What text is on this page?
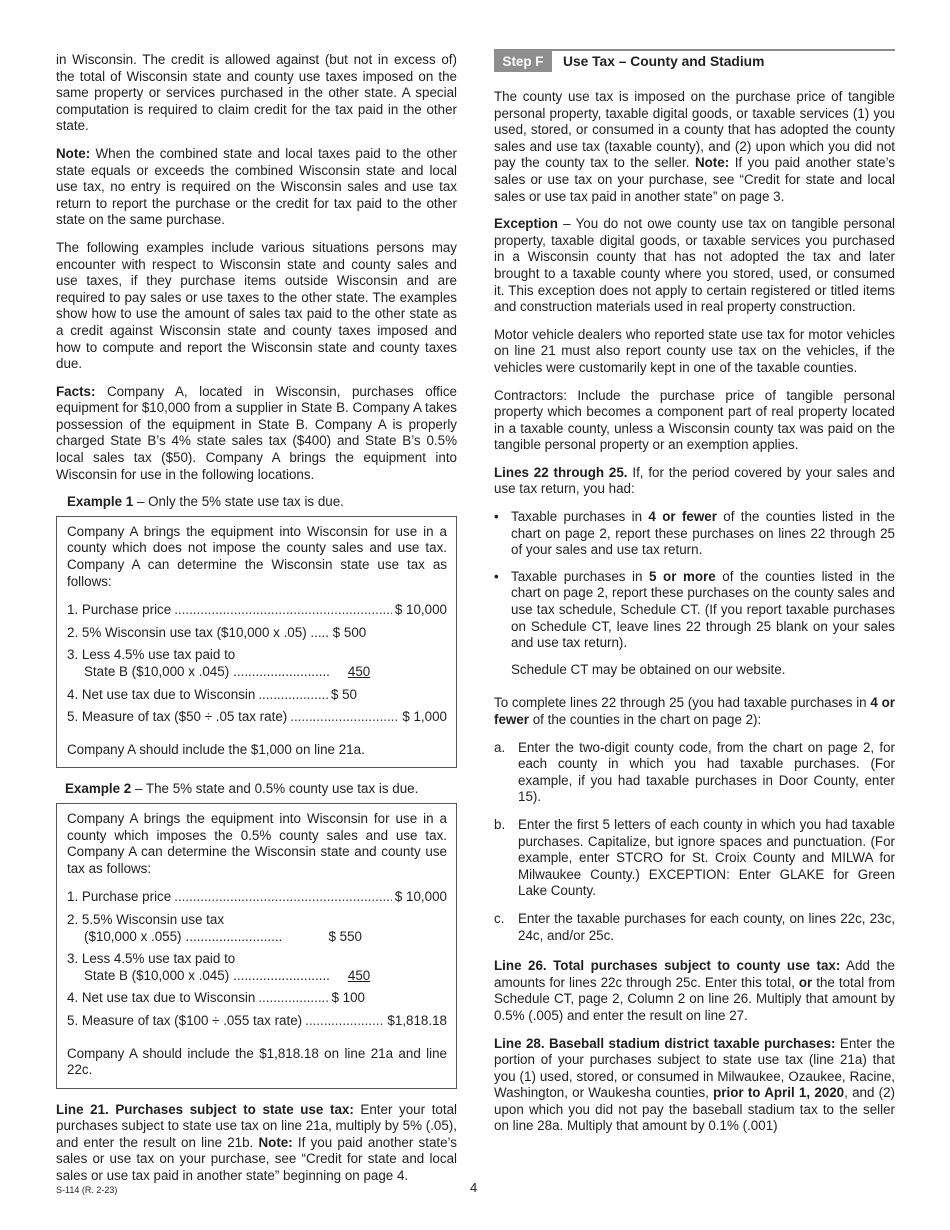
in Wisconsin. The credit is allowed against (but not in excess of) the total of Wisconsin state and county use taxes imposed on the same property or services purchased in the other state. A special computation is required to claim credit for the tax paid in the other state.

Note: When the combined state and local taxes paid to the other state equals or exceeds the combined Wisconsin state and local use tax, no entry is required on the Wisconsin sales and use tax return to report the purchase or the credit for tax paid to the other state on the same purchase.

The following examples include various situations persons may encounter with respect to Wisconsin state and county sales and use taxes, if they purchase items outside Wisconsin and are required to pay sales or use taxes to the other state. The examples show how to use the amount of sales tax paid to the other state as a credit against Wisconsin state and county taxes imposed and how to compute and report the Wisconsin state and county taxes due.

Facts: Company A, located in Wisconsin, purchases office equipment for $10,000 from a supplier in State B. Company A takes possession of the equipment in State B. Company A is properly charged State B’s 4% state sales tax ($400) and State B’s 0.5% local sales tax ($50). Company A brings the equipment into Wisconsin for use in the following locations.

Example 1 – Only the 5% state use tax is due.

Company A brings the equipment into Wisconsin for use in a county which does not impose the county sales and use tax. Company A can determine the Wisconsin state use tax as follows:

1. Purchase price .....	$ 10,000
2. 5% Wisconsin use tax ($10,000 x .05) ..... $ 500
3. Less 4.5% use tax paid to
State B ($10,000 x .045) .....	450
4. Net use tax due to Wisconsin .....	$ 50
5. Measure of tax ($50 ÷ .05 tax rate) .....	$ 1,000

Company A should include the $1,000 on line 21a.

Example 2 – The 5% state and 0.5% county use tax is due.

Company A brings the equipment into Wisconsin for use in a county which imposes the 0.5% county sales and use tax. Company A can determine the Wisconsin state and county use tax as follows:

1. Purchase price .....	$ 10,000
2. 5.5% Wisconsin use tax
($10,000 x .055) .....	$ 550
3. Less 4.5% use tax paid to
State B ($10,000 x .045) .....	450
4. Net use tax due to Wisconsin .....	$ 100
5. Measure of tax ($100 ÷ .055 tax rate) .....	$1,818.18

Company A should include the $1,818.18 on line 21a and line 22c.

Line 21. Purchases subject to state use tax: Enter your total purchases subject to state use tax on line 21a, multiply by 5% (.05), and enter the result on line 21b. Note: If you paid another state’s sales or use tax on your purchase, see “Credit for state and local sales or use tax paid in another state” beginning on page 4.

Step F	Use Tax – County and Stadium

The county use tax is imposed on the purchase price of tangible personal property, taxable digital goods, or taxable services (1) you used, stored, or consumed in a county that has adopted the county sales and use tax (taxable county), and (2) upon which you did not pay the county tax to the seller. Note: If you paid another state’s sales or use tax on your purchase, see “Credit for state and local sales or use tax paid in another state” on page 3.

Exception – You do not owe county use tax on tangible personal property, taxable digital goods, or taxable services you purchased in a Wisconsin county that has not adopted the tax and later brought to a taxable county where you stored, used, or consumed it. This exception does not apply to certain registered or titled items and construction materials used in real property construction.

Motor vehicle dealers who reported state use tax for motor vehicles on line 21 must also report county use tax on the vehicles, if the vehicles were customarily kept in one of the taxable counties.

Contractors: Include the purchase price of tangible personal property which becomes a component part of real property located in a taxable county, unless a Wisconsin county tax was paid on the tangible personal property or an exemption applies.

Lines 22 through 25. If, for the period covered by your sales and use tax return, you had:

• Taxable purchases in 4 or fewer of the counties listed in the chart on page 2, report these purchases on lines 22 through 25 of your sales and use tax return.
• Taxable purchases in 5 or more of the counties listed in the chart on page 2, report these purchases on the county sales and use tax schedule, Schedule CT. (If you report taxable purchases on Schedule CT, leave lines 22 through 25 blank on your sales and use tax return).
Schedule CT may be obtained on our website.

To complete lines 22 through 25 (you had taxable purchases in 4 or fewer of the counties in the chart on page 2):

a. Enter the two-digit county code, from the chart on page 2, for each county in which you had taxable purchases. (For example, if you had taxable purchases in Door County, enter 15).
b. Enter the first 5 letters of each county in which you had taxable purchases. Capitalize, but ignore spaces and punctuation. (For example, enter STCRO for St. Croix County and MILWA for Milwaukee County.) EXCEPTION: Enter GLAKE for Green Lake County.
c.	Enter the taxable purchases for each county, on lines 22c, 23c, 24c, and/or 25c.

Line 26. Total purchases subject to county use tax: Add the amounts for lines 22c through 25c. Enter this total, or the total from Schedule CT, page 2, Column 2 on line 26. Multiply that amount by 0.5% (.005) and enter the result on line 27.

Line 28. Baseball stadium district taxable purchases: Enter the portion of your purchases subject to state use tax (line 21a) that you (1) used, stored, or consumed in Milwaukee, Ozaukee, Racine, Washington, or Waukesha counties, prior to April 1, 2020, and (2) upon which you did not pay the baseball stadium tax to the seller on line 28a. Multiply that amount by 0.1% (.001)

S-114 (R. 2-23)	4
